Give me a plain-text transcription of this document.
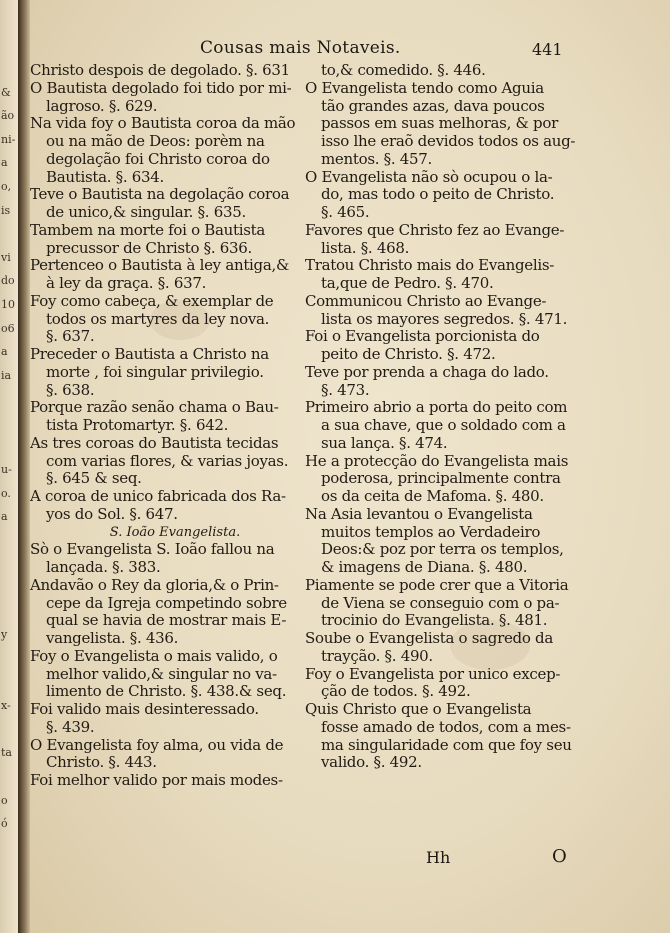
&
ão
ni-
a
o,
is
vi
do
10
o6
a
ia
u-
o.
a
y
x-
ta
o
ó
Cousas mais Notaveis.	441
Christo despois de degolado. §. 631
O Bautista degolado foi tido por mi-
lagroso. §. 629.
Na vida foy o Bautista coroa da mão
ou na mão de Deos: porèm na
degolação foi Christo coroa do
Bautista. §. 634.
Teve o Bautista na degolação coroa
de unico,& singular. §. 635.
Tambem na morte foi o Bautista
precussor de Christo §. 636.
Pertenceo o Bautista à ley antiga,&
à ley da graça. §. 637.
Foy como cabeça, & exemplar de
todos os martyres da ley nova.
§. 637.
Preceder o Bautista a Christo na
morte , foi singular privilegio.
§. 638.
Porque razão senão chama o Bau-
tista Protomartyr. §. 642.
As tres coroas do Bautista tecidas
com varias flores, & varias joyas.
§. 645 & seq.
A coroa de unico fabricada dos Ra-
yos do Sol. §. 647.
S. Ioão Evangelista.
Sò o Evangelista S. Ioão fallou na
lançada. §. 383.
Andavão o Rey da gloria,& o Prin-
cepe da Igreja competindo sobre
qual se havia de mostrar mais E-
vangelista. §. 436.
Foy o Evangelista o mais valido, o
melhor valido,& singular no va-
limento de Christo. §. 438.& seq.
Foi valido mais desinteressado.
§. 439.
O Evangelista foy alma, ou vida de
Christo. §. 443.
Foi melhor valido por mais modes-
to,& comedido. §. 446.
O Evangelista tendo como Aguia
tão grandes azas, dava poucos
passos em suas melhoras, & por
isso lhe eraõ devidos todos os aug-
mentos. §. 457.
O Evangelista não sò ocupou o la-
do, mas todo o peito de Christo.
§. 465.
Favores que Christo fez ao Evange-
lista. §. 468.
Tratou Christo mais do Evangelis-
ta,que de Pedro. §. 470.
Communicou Christo ao Evange-
lista os mayores segredos. §. 471.
Foi o Evangelista porcionista do
peito de Christo. §. 472.
Teve por prenda a chaga do lado.
§. 473.
Primeiro abrio a porta do peito com
a sua chave, que o soldado com a
sua lança. §. 474.
He a protecção do Evangelista mais
poderosa, principalmente contra
os da ceita de Mafoma. §. 480.
Na Asia levantou o Evangelista
muitos templos ao Verdadeiro
Deos:& poz por terra os templos,
& imagens de Diana. §. 480.
Piamente se pode crer que a Vitoria
de Viena se conseguio com o pa-
trocinio do Evangelista. §. 481.
Soube o Evangelista o sagredo da
trayção. §. 490.
Foy o Evangelista por unico excep-
ção de todos. §. 492.
Quis Christo que o Evangelista
fosse amado de todos, com a mes-
ma singularidade com que foy seu
valido. §. 492.
Hh	O
